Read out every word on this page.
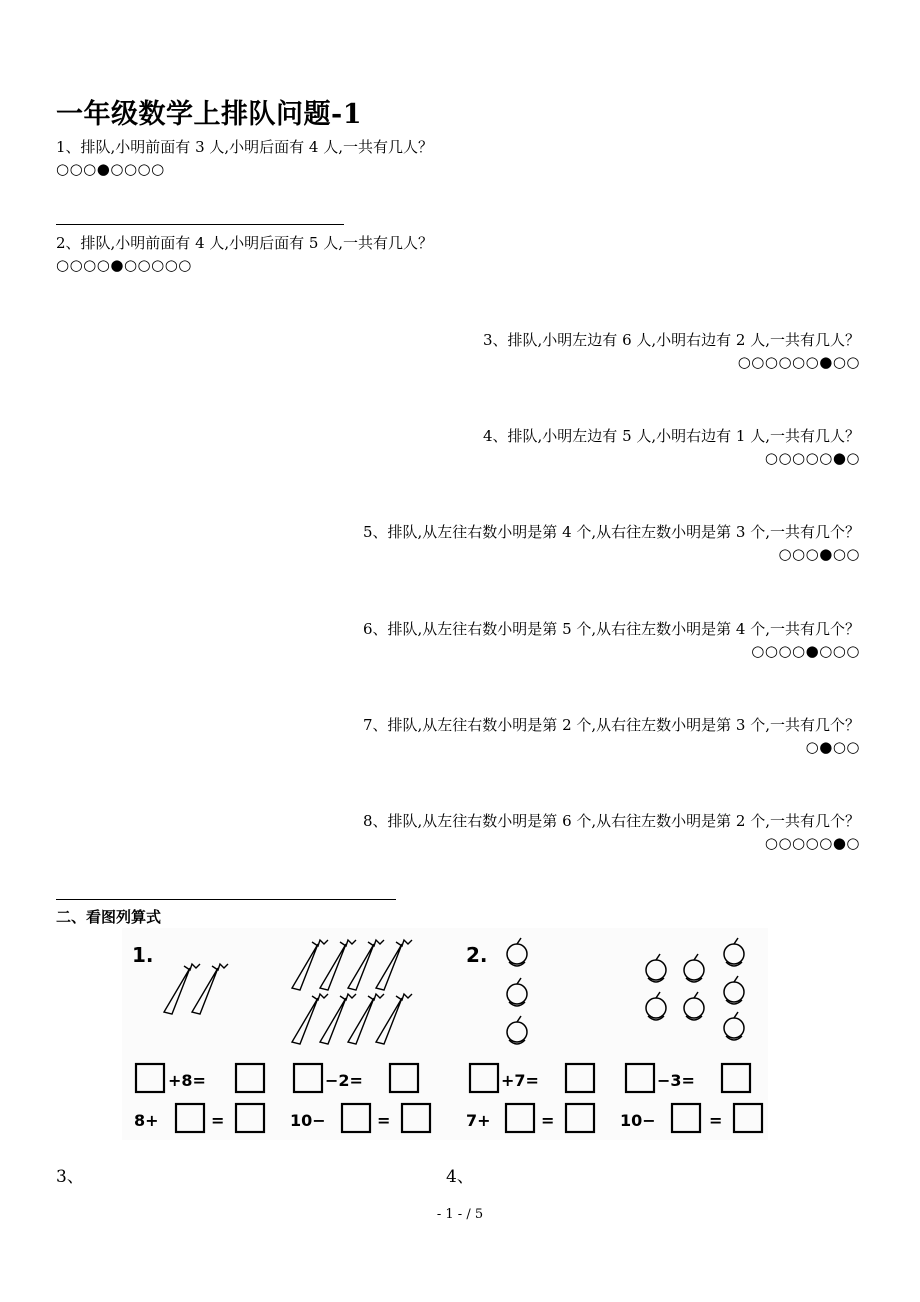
一年级数学上排队问题-1
1、排队,小明前面有 3 人,小明后面有 4 人,一共有几人？
○○○●○○○○
2、排队,小明前面有 4 人,小明后面有 5 人,一共有几人？
○○○○●○○○○○
3、排队,小明左边有 6 人,小明右边有 2 人,一共有几人？
○○○○○○●○○
4、排队,小明左边有 5 人,小明右边有 1 人,一共有几人？
○○○○○●○
5、排队,从左往右数小明是第 4 个,从右往左数小明是第 3 个,一共有几个？
○○○●○○
6、排队,从左往右数小明是第 5 个,从右往左数小明是第 4 个,一共有几个？
○○○○●○○○
7、排队,从左往右数小明是第 2 个,从右往左数小明是第 3 个,一共有几个？
○●○○
8、排队,从左往右数小明是第 6 个,从右往左数小明是第 2 个,一共有几个？
○○○○○●○
二、看图列算式
1.	2.
+8=	−2=	+7=	−3=
8+	=	10−	=	7+	=	10−	=
3、	4、
- 1 - / 5
